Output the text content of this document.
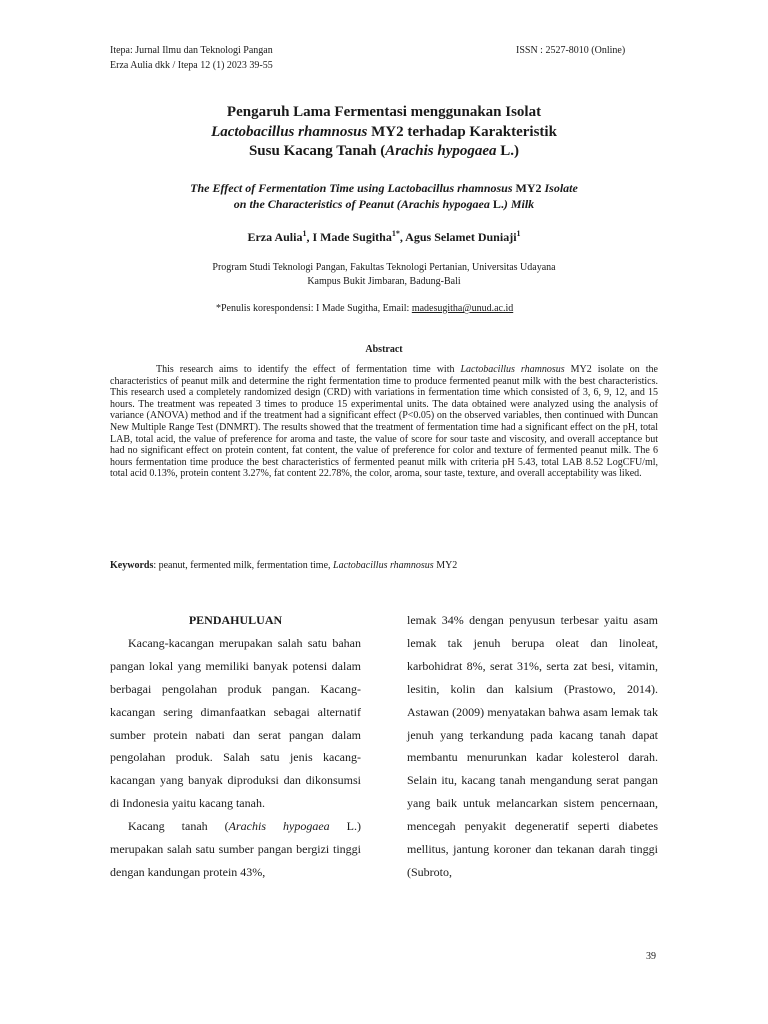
Itepa: Jurnal Ilmu dan Teknologi Pangan
Erza Aulia dkk / Itepa 12 (1) 2023 39-55
ISSN : 2527-8010 (Online)
Pengaruh Lama Fermentasi menggunakan Isolat
Lactobacillus rhamnosus MY2 terhadap Karakteristik
Susu Kacang Tanah (Arachis hypogaea L.)
The Effect of Fermentation Time using Lactobacillus rhamnosus MY2 Isolate
on the Characteristics of Peanut (Arachis hypogaea L.) Milk
Erza Aulia$^1$, I Made Sugitha$^{1*}$, Agus Selamet Duniaji$^1$
Program Studi Teknologi Pangan, Fakultas Teknologi Pertanian, Universitas Udayana
Kampus Bukit Jimbaran, Badung-Bali
*Penulis korespondensi: I Made Sugitha, Email: madesugitha@unud.ac.id
Abstract
This research aims to identify the effect of fermentation time with Lactobacillus rhamnosus MY2 isolate on the characteristics of peanut milk and determine the right fermentation time to produce fermented peanut milk with the best characteristics. This research used a completely randomized design (CRD) with variations in fermentation time which consisted of 3, 6, 9, 12, and 15 hours. The treatment was repeated 3 times to produce 15 experimental units. The data obtained were analyzed using the analysis of variance (ANOVA) method and if the treatment had a significant effect (P<0.05) on the observed variables, then continued with Duncan New Multiple Range Test (DNMRT). The results showed that the treatment of fermentation time had a significant effect on the pH, total LAB, total acid, the value of preference for aroma and taste, the value of score for sour taste and viscosity, and overall acceptance but had no significant effect on protein content, fat content, the value of preference for color and texture of fermented peanut milk. The 6 hours fermentation time produce the best characteristics of fermented peanut milk with criteria pH 5.43, total LAB 8.52 LogCFU/ml, total acid 0.13%, protein content 3.27%, fat content 22.78%, the color, aroma, sour taste, texture, and overall acceptability was liked.
Keywords: peanut, fermented milk, fermentation time, Lactobacillus rhamnosus MY2

PENDAHULUAN

Kacang-kacangan merupakan salah satu bahan pangan lokal yang memiliki banyak potensi dalam berbagai pengolahan produk pangan. Kacang-kacangan sering dimanfaatkan sebagai alternatif sumber protein nabati dan serat pangan dalam pengolahan produk. Salah satu jenis kacang-kacangan yang banyak diproduksi dan dikonsumsi di Indonesia yaitu kacang tanah.

Kacang tanah (Arachis hypogaea L.) merupakan salah satu sumber pangan bergizi tinggi dengan kandungan protein 43%,

lemak 34% dengan penyusun terbesar yaitu asam lemak tak jenuh berupa oleat dan linoleat, karbohidrat 8%, serat 31%, serta zat besi, vitamin, lesitin, kolin dan kalsium (Prastowo, 2014). Astawan (2009) menyatakan bahwa asam lemak tak jenuh yang terkandung pada kacang tanah dapat membantu menurunkan kadar kolesterol darah. Selain itu, kacang tanah mengandung serat pangan yang baik untuk melancarkan sistem pencernaan, mencegah penyakit degeneratif seperti diabetes mellitus, jantung koroner dan tekanan darah tinggi (Subroto,

39
